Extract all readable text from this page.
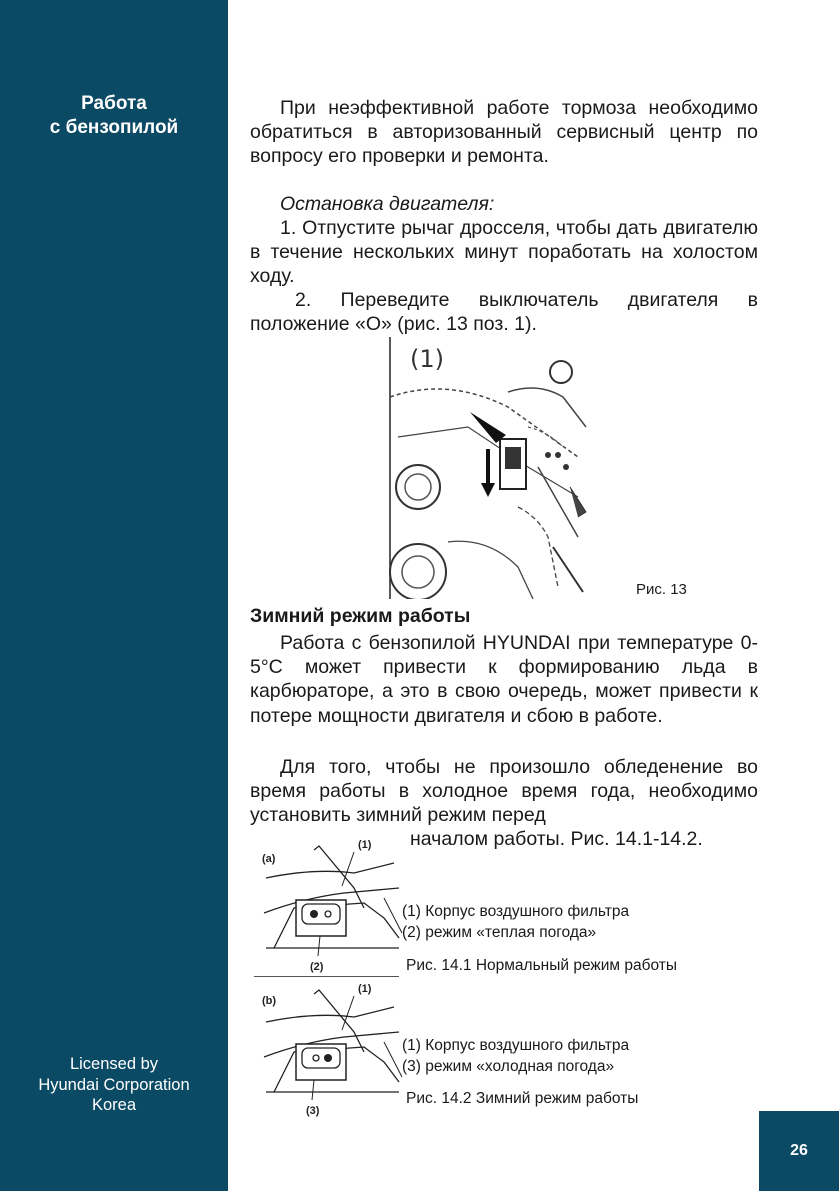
Работа
с бензопилой
Licensed by
Hyundai Corporation
Korea
26

При неэффективной работе тормоза необходимо обратиться в авторизованный сервисный центр по вопросу его проверки и ремонта.

Остановка двигателя:

1. Отпустите рычаг дросселя, чтобы дать двигателю в течение нескольких минут поработать на холостом ходу.

2. Переведите выключатель двигателя в положение «О» (рис. 13 поз. 1).

(1)
Рис. 13

Зимний режим работы

Работа с бензопилой HYUNDAI при температуре 0-5°С может привести к формированию льда в карбюраторе, а это в свою очередь, может привести к потере мощности двигателя и сбою в работе.

Для того, чтобы не произошло обледенение во время работы в холодное время года, необходимо установить зимний режим перед

началом работы. Рис. 14.1-14.2.

(a)
(1)
(2)
(1) Корпус воздушного фильтра
(2) режим «теплая погода»
Рис. 14.1 Нормальный режим работы
(b)
(1)
(3)
(1) Корпус воздушного фильтра
(3) режим «холодная погода»
Рис. 14.2 Зимний режим работы
